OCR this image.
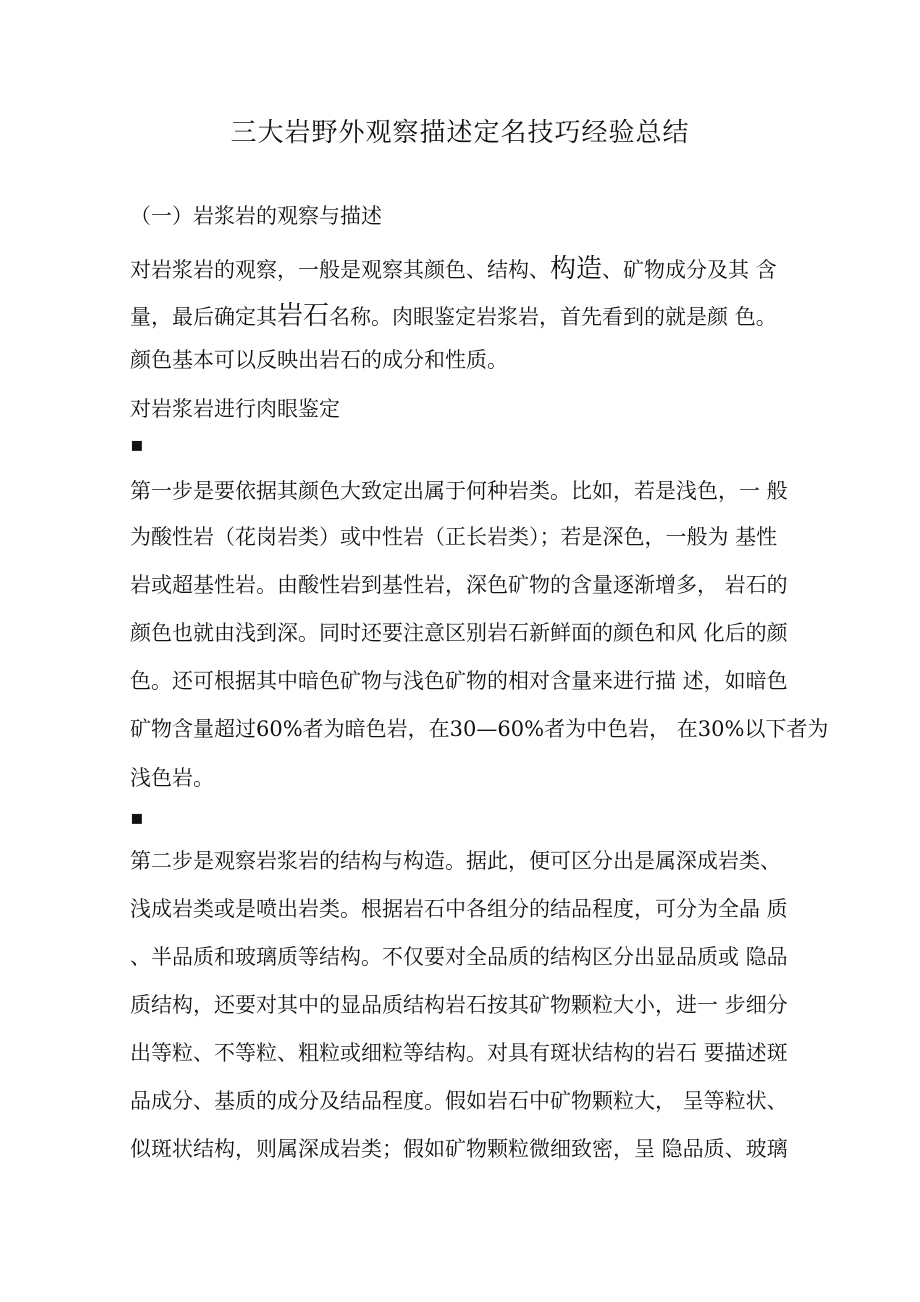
三大岩野外观察描述定名技巧经验总结
（一）岩浆岩的观察与描述
对岩浆岩的观察，一般是观察其颜色、结构、构造、矿物成分及其 含
量，最后确定其岩石名称。肉眼鉴定岩浆岩，首先看到的就是颜 色。
颜色基本可以反映出岩石的成分和性质。
对岩浆岩进行肉眼鉴定
▪
第一步是要依据其颜色大致定出属于何种岩类。比如，若是浅色，一 般
为酸性岩（花岗岩类）或中性岩（正长岩类）；若是深色，一般为 基性
岩或超基性岩。由酸性岩到基性岩，深色矿物的含量逐渐增多， 岩石的
颜色也就由浅到深。同时还要注意区别岩石新鲜面的颜色和风 化后的颜
色。还可根据其中暗色矿物与浅色矿物的相对含量来进行描 述，如暗色
矿物含量超过60%者为暗色岩，在30—60%者为中色岩， 在30%以下者为
浅色岩。
▪
第二步是观察岩浆岩的结构与构造。据此，便可区分出是属深成岩类、
浅成岩类或是喷出岩类。根据岩石中各组分的结品程度，可分为全晶 质
、半品质和玻璃质等结构。不仅要对全品质的结构区分出显品质或 隐品
质结构，还要对其中的显品质结构岩石按其矿物颗粒大小，进一 步细分
出等粒、不等粒、粗粒或细粒等结构。对具有斑状结构的岩石 要描述斑
品成分、基质的成分及结品程度。假如岩石中矿物颗粒大， 呈等粒状、
似斑状结构，则属深成岩类；假如矿物颗粒微细致密，呈 隐品质、玻璃
